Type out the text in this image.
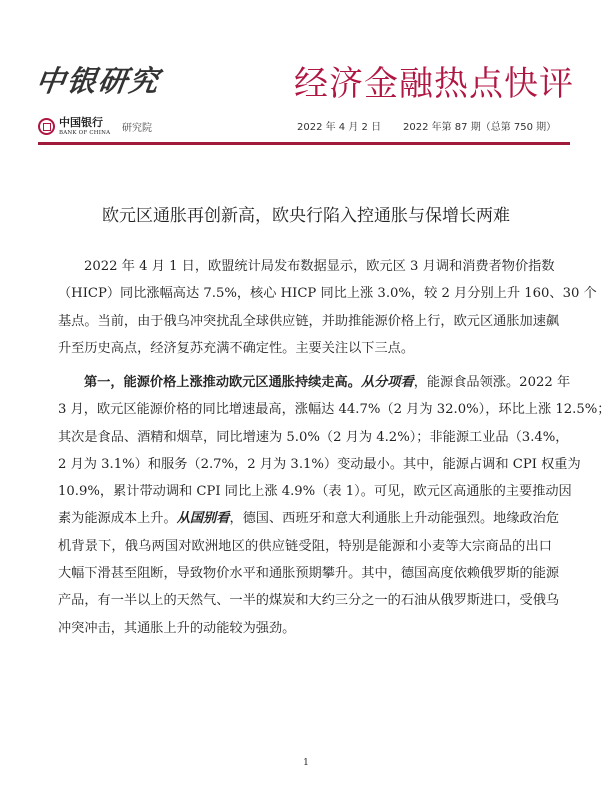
中银研究	经济金融热点快评
中国银行
BANK OF CHINA 研究院	2022 年 4 月 2 日 2022 年第 87 期（总第 750 期）
欧元区通胀再创新高，欧央行陷入控通胀与保增长两难
2022 年 4 月 1 日，欧盟统计局发布数据显示，欧元区 3 月调和消费者物价指数
（HICP）同比涨幅高达 7.5%，核心 HICP 同比上涨 3.0%，较 2 月分别上升 160、30 个
基点。当前，由于俄乌冲突扰乱全球供应链，并助推能源价格上行，欧元区通胀加速飙
升至历史高点，经济复苏充满不确定性。主要关注以下三点。
第一，能源价格上涨推动欧元区通胀持续走高。从分项看，能源食品领涨。2022 年
3 月，欧元区能源价格的同比增速最高，涨幅达 44.7%（2 月为 32.0%），环比上涨 12.5%；
其次是食品、酒精和烟草，同比增速为 5.0%（2 月为 4.2%）；非能源工业品（3.4%，
2 月为 3.1%）和服务（2.7%，2 月为 3.1%）变动最小。其中，能源占调和 CPI 权重为
10.9%，累计带动调和 CPI 同比上涨 4.9%（表 1）。可见，欧元区高通胀的主要推动因
素为能源成本上升。从国别看，德国、西班牙和意大利通胀上升动能强烈。地缘政治危
机背景下，俄乌两国对欧洲地区的供应链受阻，特别是能源和小麦等大宗商品的出口
大幅下滑甚至阻断，导致物价水平和通胀预期攀升。其中，德国高度依赖俄罗斯的能源
产品，有一半以上的天然气、一半的煤炭和大约三分之一的石油从俄罗斯进口，受俄乌
冲突冲击，其通胀上升的动能较为强劲。
1
